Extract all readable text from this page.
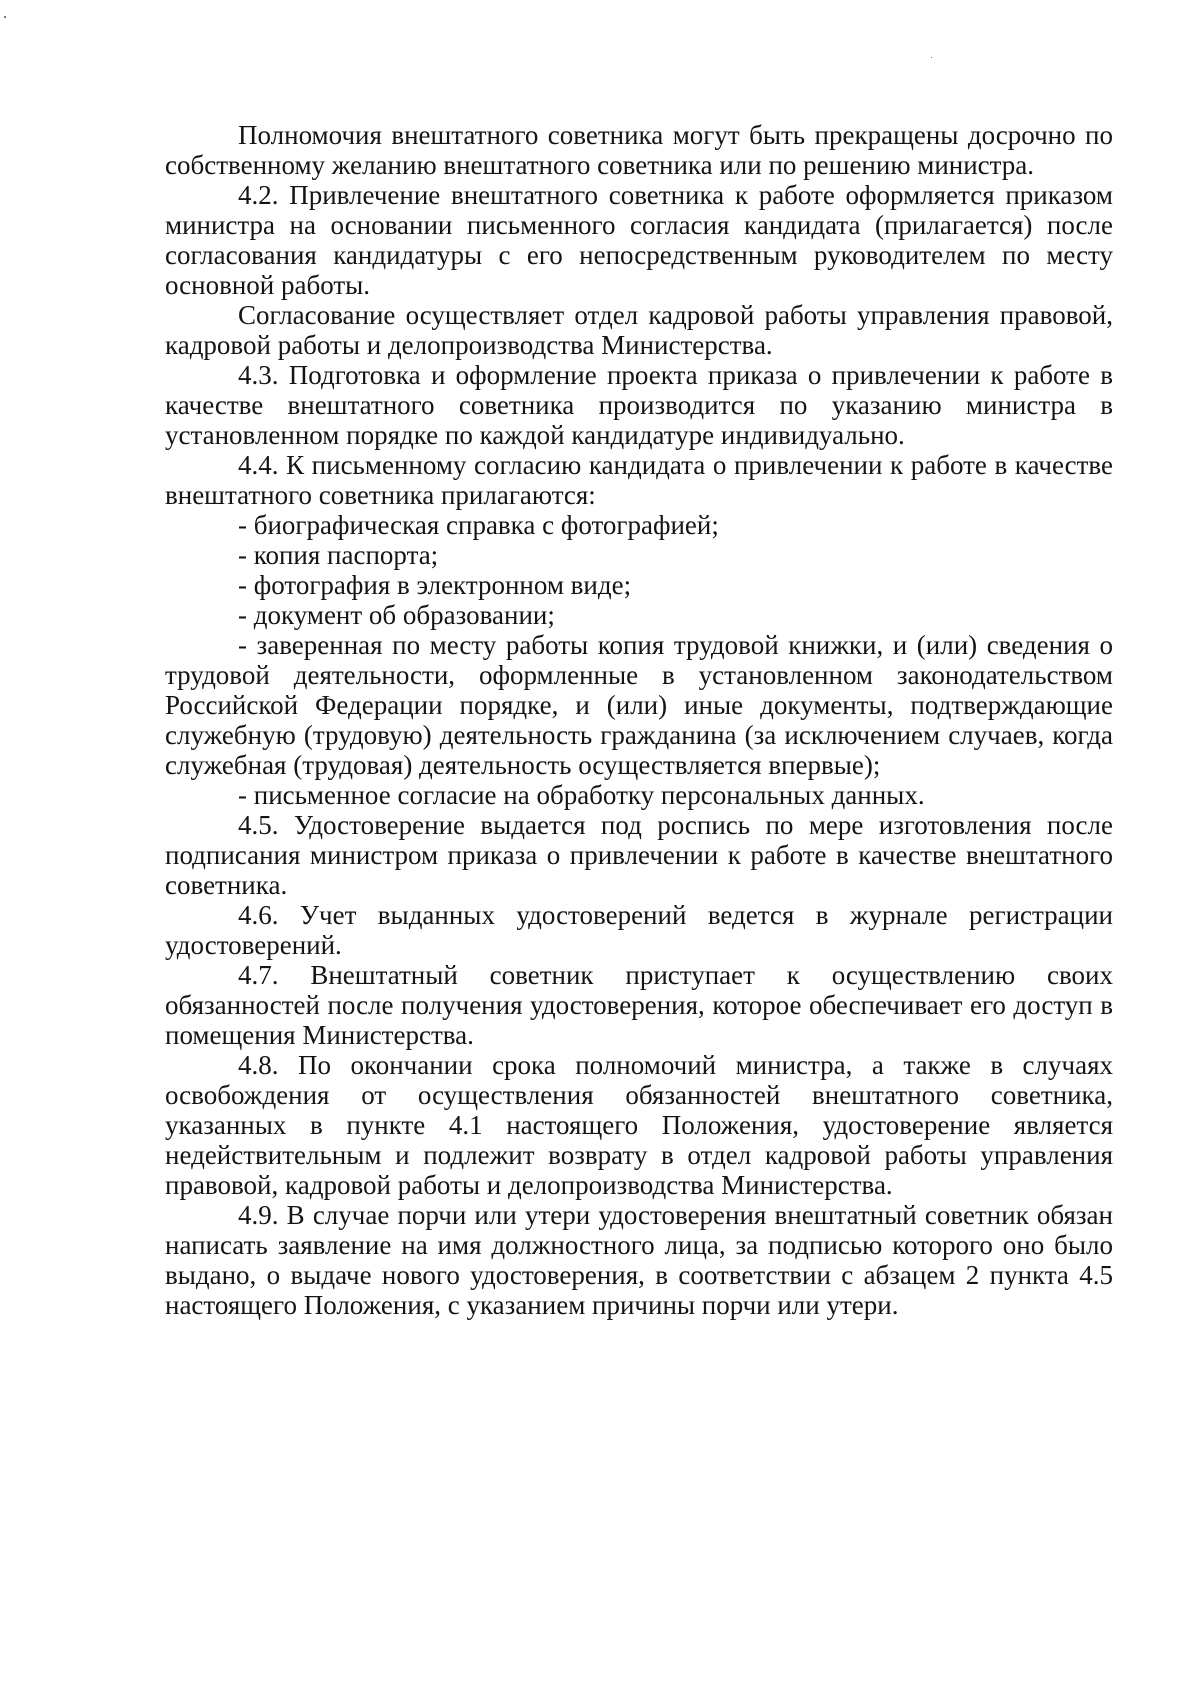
Полномочия внештатного советника могут быть прекращены досрочно по собственному желанию внештатного советника или по решению министра.

4.2. Привлечение внештатного советника к работе оформляется приказом министра на основании письменного согласия кандидата (прилагается) после согласования кандидатуры с его непосредственным руководителем по месту основной работы.

Согласование осуществляет отдел кадровой работы управления правовой, кадровой работы и делопроизводства Министерства.

4.3. Подготовка и оформление проекта приказа о привлечении к работе в качестве внештатного советника производится по указанию министра в установленном порядке по каждой кандидатуре индивидуально.

4.4. К письменному согласию кандидата о привлечении к работе в качестве внештатного советника прилагаются:

- биографическая справка с фотографией;

- копия паспорта;

- фотография в электронном виде;

- документ об образовании;

- заверенная по месту работы копия трудовой книжки, и (или) сведения о трудовой деятельности, оформленные в установленном законодательством Российской Федерации порядке, и (или) иные документы, подтверждающие служебную (трудовую) деятельность гражданина (за исключением случаев, когда служебная (трудовая) деятельность осуществляется впервые);

- письменное согласие на обработку персональных данных.

4.5. Удостоверение выдается под роспись по мере изготовления после подписания министром приказа о привлечении к работе в качестве внештатного советника.

4.6. Учет выданных удостоверений ведется в журнале регистрации удостоверений.

4.7. Внештатный советник приступает к осуществлению своих обязанностей после получения удостоверения, которое обеспечивает его доступ в помещения Министерства.

4.8. По окончании срока полномочий министра, а также в случаях освобождения от осуществления обязанностей внештатного советника, указанных в пункте 4.1 настоящего Положения, удостоверение является недействительным и подлежит возврату в отдел кадровой работы управления правовой, кадровой работы и делопроизводства Министерства.

4.9. В случае порчи или утери удостоверения внештатный советник обязан написать заявление на имя должностного лица, за подписью которого оно было выдано, о выдаче нового удостоверения, в соответствии с абзацем 2 пункта 4.5 настоящего Положения, с указанием причины порчи или утери.
